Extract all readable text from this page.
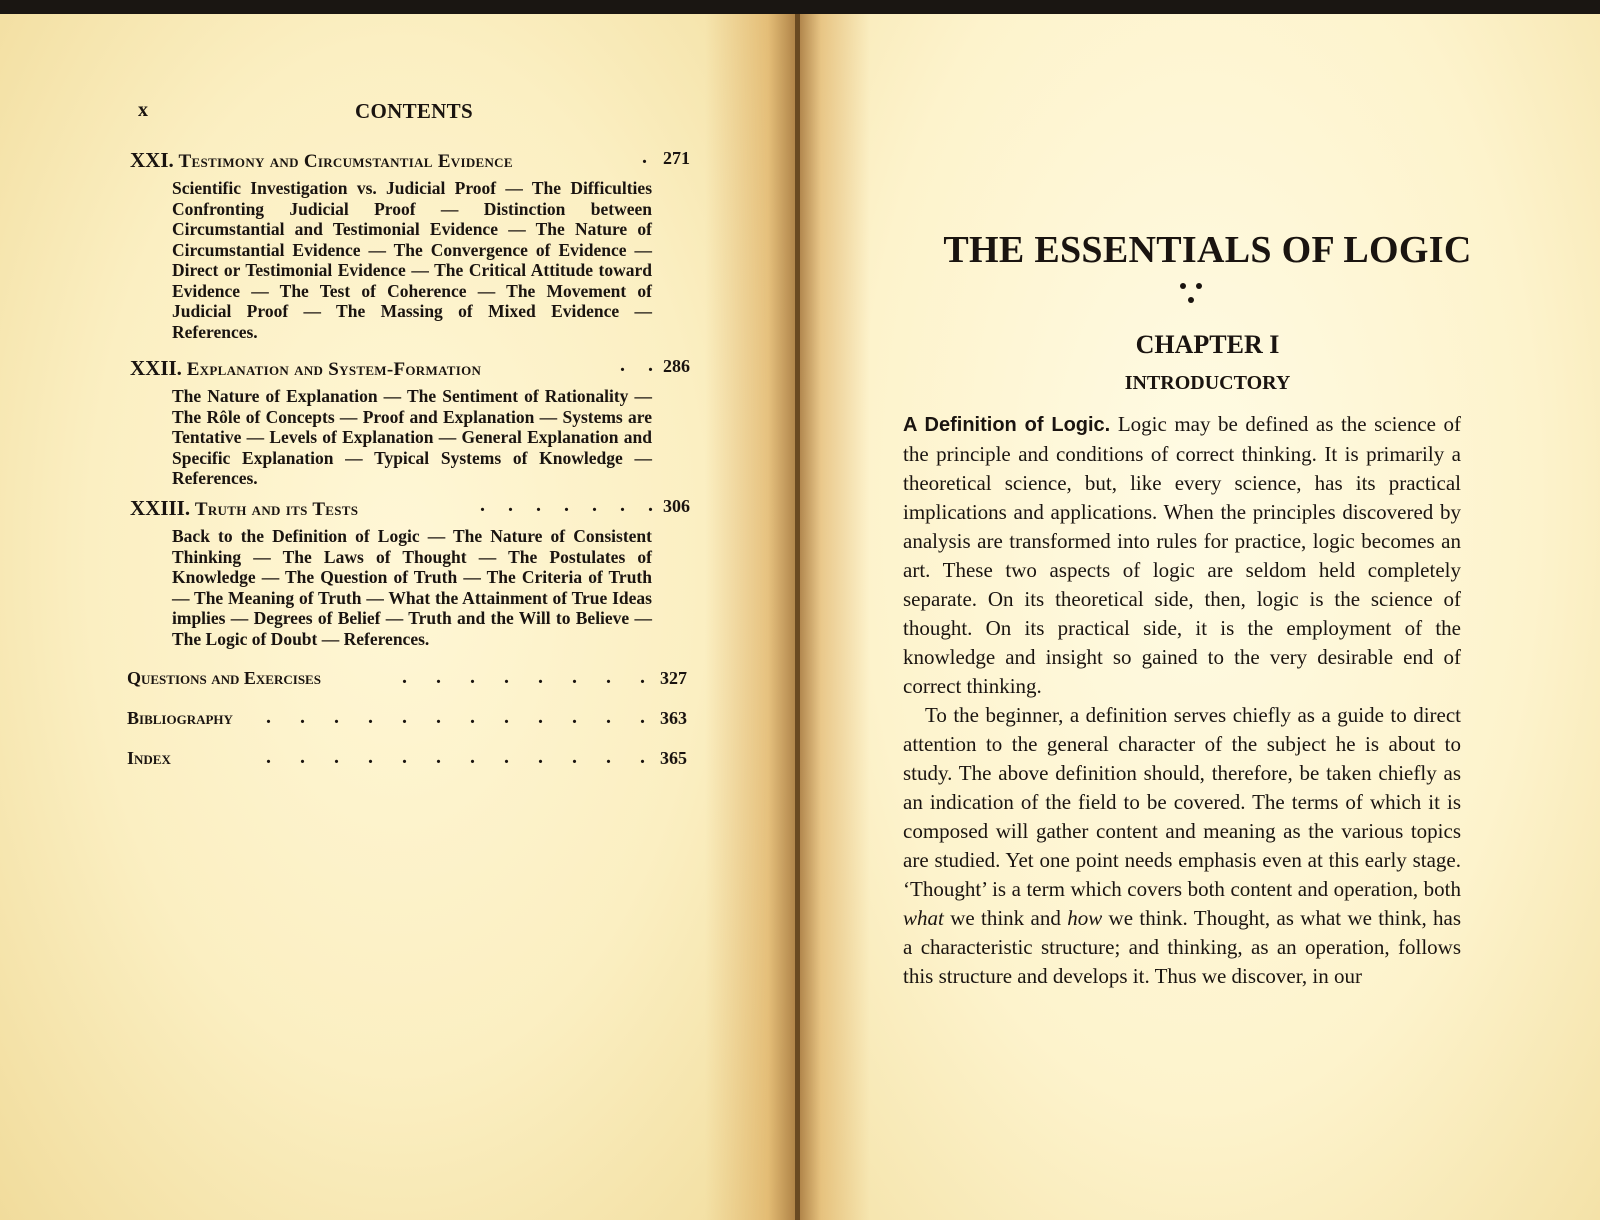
x	CONTENTS
XXI. Testimony and Circumstantial Evidence	. 271
Scientific Investigation vs. Judicial Proof — The Difficulties Confronting Judicial Proof — Distinction between Circumstantial and Testimonial Evidence — The Nature of Circumstantial Evidence — The Convergence of Evidence — Direct or Testimonial Evidence — The Critical Attitude toward Evidence — The Test of Coherence — The Movement of Judicial Proof — The Massing of Mixed Evidence — References.
XXII. Explanation and System-Formation	. . 286
The Nature of Explanation — The Sentiment of Rationality — The Rôle of Concepts — Proof and Explanation — Systems are Tentative — Levels of Explanation — General Explanation and Specific Explanation — Typical Systems of Knowledge — References.
XXIII. Truth and its Tests	. . . . . . . 306
Back to the Definition of Logic — The Nature of Consistent Thinking — The Laws of Thought — The Postulates of Knowledge — The Question of Truth — The Criteria of Truth — The Meaning of Truth — What the Attainment of True Ideas implies — Degrees of Belief — Truth and the Will to Believe — The Logic of Doubt — References.
Questions and Exercises	. . . . . . . . 327
Bibliography . . . . . . . . . . . . 363
Index	. . . . . . . . . . . . 365
THE ESSENTIALS OF LOGIC
CHAPTER I
INTRODUCTORY

A Definition of Logic. Logic may be defined as the science of the principle and conditions of correct thinking. It is primarily a theoretical science, but, like every science, has its practical implications and applications. When the principles discovered by analysis are transformed into rules for practice, logic becomes an art. These two aspects of logic are seldom held completely separate. On its theoretical side, then, logic is the science of thought. On its practical side, it is the employment of the knowledge and insight so gained to the very desirable end of correct thinking.

To the beginner, a definition serves chiefly as a guide to direct attention to the general character of the subject he is about to study. The above definition should, therefore, be taken chiefly as an indication of the field to be covered. The terms of which it is composed will gather content and meaning as the various topics are studied. Yet one point needs emphasis even at this early stage. ‘Thought’ is a term which covers both content and operation, both what we think and how we think. Thought, as what we think, has a characteristic structure; and thinking, as an operation, follows this structure and develops it. Thus we discover, in our
